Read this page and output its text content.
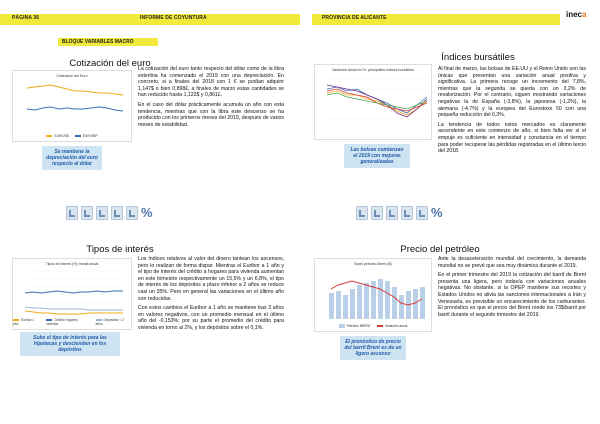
PÁGINA 36	INFORME DE COYUNTURA
BLOQUE VARIABLES MACRO
Cotización del euro
Cotización del Euro
EUR/US$	EUR/GBP
Se mantiene la depreciación del euro respecto al dólar

La cotización del euro tanto respecto del dólar como de la libra esterlina ha comenzado el 2019 con una depreciación. En concreto, si a finales del 2018 con 1 € se podían adquirir 1,147$ o bien 0,898£, a finales de marzo estas cantidades se han reducido hasta 1,122$ y 0,861£.

En el caso del dólar prácticamente acumula un año con esta tendencia, mientras que con la libra este descenso se ha producido con los primeros meses del 2019, después de varios meses de estabilidad.

%
Tipos de interés
Tipos de interés (%) media anual
Euribor 1 año
Crédito hogares vivienda
Depósitos < 2 años
Sube el tipo de interés para las hipotecas y descienden en los depósitos

Los índices relativos al valor del dinero tantean los ascensos, pero lo realizan de forma dispar. Mientras el Euribor a 1 año y el tipo de interés del crédito a hogares para vivienda aumentan en este trimestre respectivamente un 15,5% y un 6,8%, el tipo de interés de los depósitos a plazo inferior a 2 años se reduce casi un 35%. Pero en general las variaciones en el último año son reducidas.

Con estos cambios el Euribor a 1 año se mantiene tras 3 años en valores negativos, con un promedio mensual en el último año del -0,153%; por su parte el promedio del crédito para vivienda en torno al 2%, y los depósitos sobre el 0,1%.

PROVINCIA DE ALICANTE	ineca
Índices bursátiles
Variación anual en %: principales índices bursátiles
Las bolsas comienzan el 2019 con mejoras generalizadas

Al final de marzo, las bolsas de EE.UU y el Reino Unido son las únicas que presentan una variación anual positiva y significativa. La primera recoge un incremento del 7,8%, mientras que la segunda se queda con un 3,2% de revalorización. Por el contrario, siguen mostrando variaciones negativas la de España (-3,8%), la japonesa (-1,2%), la alemana (-4,7%) y la europea del Eurostoxx 50 con una pequeña reducción del 0,3%.

La tendencia de todos estos mercados es claramente ascendente en este comienzo de año, si bien falta ver si el empuje es suficiente en intensidad y constancia en el tiempo para poder recuperar las pérdidas registradas en el último tercio del 2018.

%
Precio del petróleo
Barril petróleo Brent ($)
Petróleo BRENT	Variación anual
El pronóstico de precio del barril Brent es de un ligero ascenso

Ante la desaceleración mundial del crecimiento, la demanda mundial no se prevé que sea muy dinámica durante el 2019.

En el primer trimestre del 2019 la cotización del barril de Brent presenta una ligera, pero todavía con variaciones anuales negativas. No obstante, si la OPEP mantiene sus recortes y Estados Unidos no alivia las sanciones internacionales a Irán y Venezuela, es previsible un encarecimiento de los carburantes. El pronóstico es que el precio del Brent ronde los 73$/barril por barril durante el segundo trimestre del 2019.
